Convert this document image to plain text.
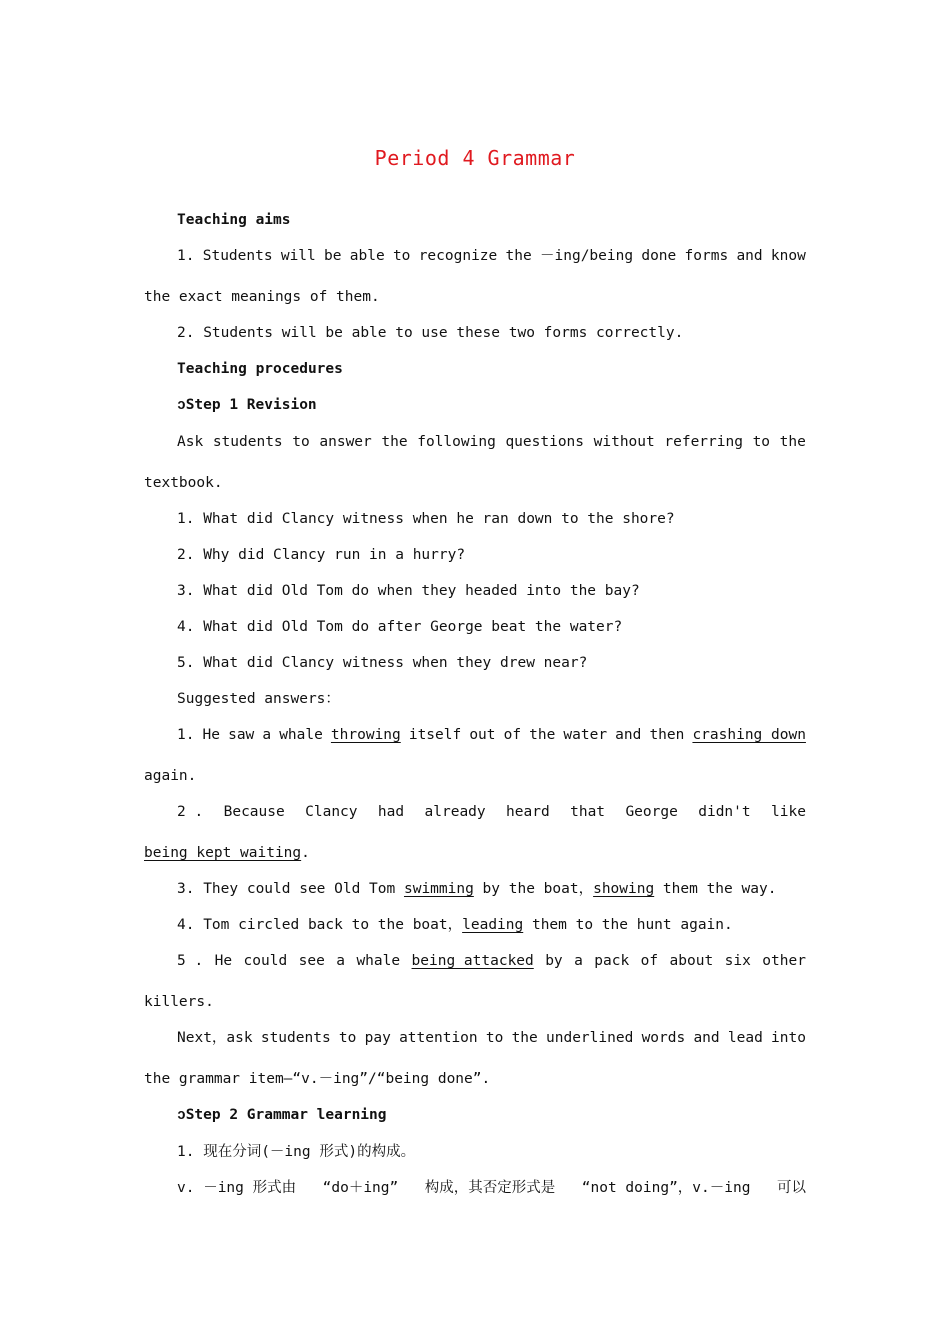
Period 4 Grammar
Teaching aims
1. Students will be able to recognize the －ing/being done forms and know
the exact meanings of them.
2. Students will be able to use these two forms correctly.
Teaching procedures
ↄStep 1 Revision
Ask students to answer the following questions without referring to the
textbook.
1. What did Clancy witness when he ran down to the shore?
2. Why did Clancy run in a hurry?
3. What did Old Tom do when they headed into the bay?
4. What did Old Tom do after George beat the water?
5. What did Clancy witness when they drew near?
Suggested answers：
1. He saw a whale throwing itself out of the water and then crashing down
again.
2 . Because Clancy had already heard that George didn't like
being kept waiting.
3. They could see Old Tom swimming by the boat，showing them the way.
4. Tom circled back to the boat，leading them to the hunt again.
5 . He could see a whale being attacked by a pack of about six other
killers.
Next，ask students to pay attention to the underlined words and lead into
the grammar item—“v.－ing”/“being done”.
ↄStep 2 Grammar learning
1. 现在分词(－ing 形式)的构成。
v. －ing 形式由 “do＋ing” 构成，其否定形式是 “not doing”，v.－ing 可以
